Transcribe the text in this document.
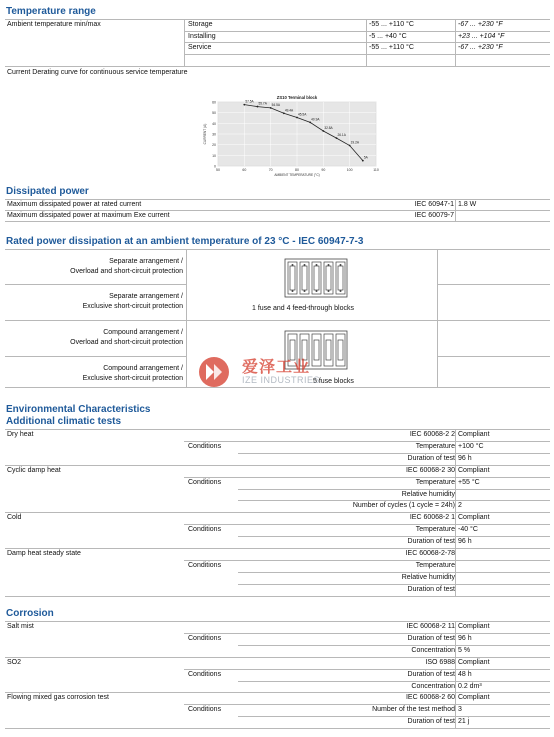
Temperature range
Ambient temperature min/max	Storage	-55 ... +110 °C	-67 ... +230 °F
Installing	-5 ... +40 °C	+23 ... +104 °F
Service	-55 ... +110 °C	-67 ... +230 °F
Current Derating curve for continuous service temperature
0
10
20
30
40
50
60
50	60	70	80	90	100	110
ZS10 Terminal block
AMBIENT TEMPERATURE (°C)
CURRENT (A)
57.5A 55.7A 54.5A
49.4A
45.5A
40.9A
32.8A
26.1A
19.2A
5A
Dissipated power
Maximum dissipated power at rated current	IEC 60947-1 1.8 W
Maximum dissipated power at maximum Exe current	IEC 60079-7
Rated power dissipation at an ambient temperature of 23 °C - IEC 60947-7-3
Separate arrangement /
Overload and short-circuit protection
Separate arrangement /
Exclusive short-circuit protection
Compound arrangement /
Overload and short-circuit protection
Compound arrangement /
Exclusive short-circuit protection
1 fuse and 4 feed-through blocks
5 fuse blocks
爱泽工业
IZE INDUSTRIES
Environmental Characteristics
Additional climatic tests
Dry heat	IEC 60068-2 2 Compliant
Conditions	Temperature +100 °C
Duration of test 96 h
Cyclic damp heat	IEC 60068-2 30 Compliant
Conditions	Temperature +55 °C
Relative humidity
Number of cycles (1 cycle = 24h) 2
Cold	IEC 60068-2 1 Compliant
Conditions	Temperature -40 °C
Duration of test 96 h
Damp heat steady state	IEC 60068-2-78
Conditions	Temperature
Relative humidity
Duration of test
Corrosion
Salt mist	IEC 60068-2 11 Compliant
Conditions	Duration of test 96 h
Concentration 5 %
SO2	ISO 6988 Compliant
Conditions	Duration of test 48 h
Concentration 0.2 dm³
Flowing mixed gas corrosion test	IEC 60068-2 60 Compliant
Conditions	Number of the test method 3
Duration of test 21 j
